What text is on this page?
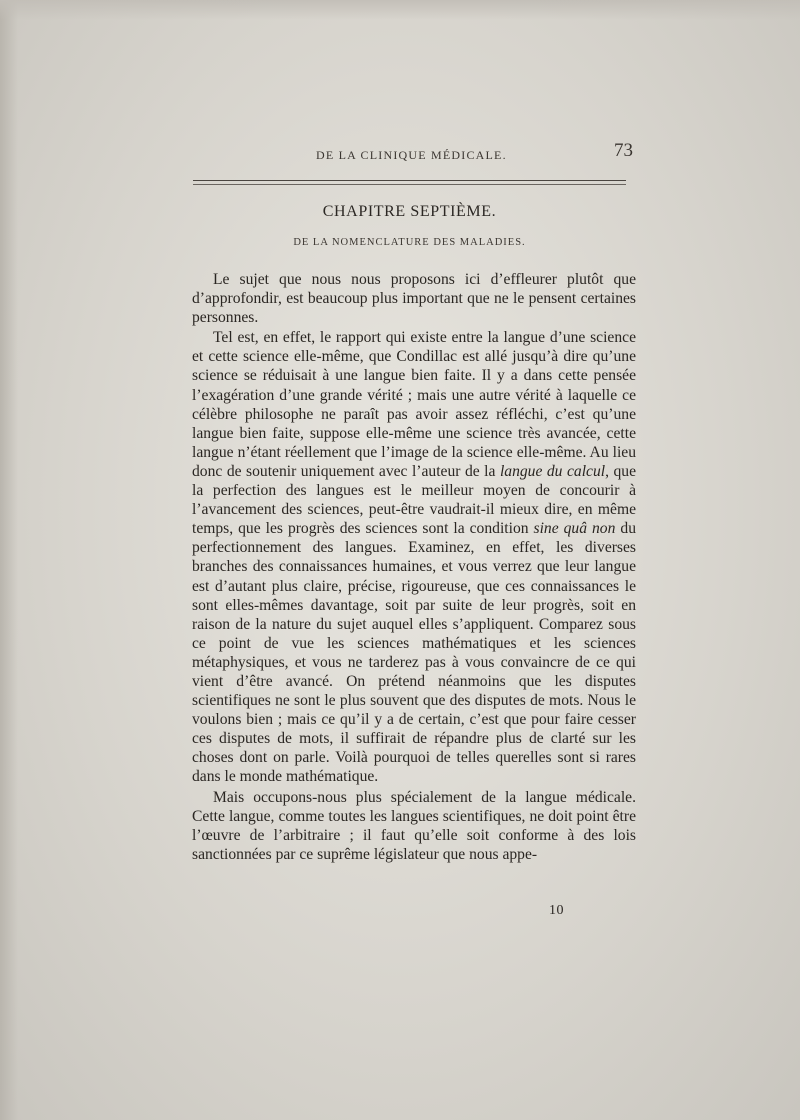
DE LA CLINIQUE MÉDICALE.	73
CHAPITRE SEPTIÈME.
DE LA NOMENCLATURE DES MALADIES.

Le sujet que nous nous proposons ici d’effleurer plutôt que d’approfondir, est beaucoup plus important que ne le pensent certaines personnes.

Tel est, en effet, le rapport qui existe entre la langue d’une science et cette science elle-même, que Condillac est allé jusqu’à dire qu’une science se réduisait à une langue bien faite. Il y a dans cette pensée l’exagération d’une grande vérité ; mais une autre vérité à laquelle ce célèbre philosophe ne paraît pas avoir assez réfléchi, c’est qu’une langue bien faite, suppose elle-même une science très avancée, cette langue n’étant réellement que l’image de la science elle-même. Au lieu donc de soutenir uniquement avec l’auteur de la langue du calcul, que la perfection des langues est le meilleur moyen de concourir à l’avancement des sciences, peut-être vaudrait-il mieux dire, en même temps, que les progrès des sciences sont la condition sine quâ non du perfectionnement des langues. Examinez, en effet, les diverses branches des connaissances humaines, et vous verrez que leur langue est d’autant plus claire, précise, rigoureuse, que ces connaissances le sont elles-mêmes davantage, soit par suite de leur progrès, soit en raison de la nature du sujet auquel elles s’appliquent. Comparez sous ce point de vue les sciences mathématiques et les sciences métaphysiques, et vous ne tarderez pas à vous convaincre de ce qui vient d’être avancé. On prétend néanmoins que les disputes scientifiques ne sont le plus souvent que des disputes de mots. Nous le voulons bien ; mais ce qu’il y a de certain, c’est que pour faire cesser ces disputes de mots, il suffirait de répandre plus de clarté sur les choses dont on parle. Voilà pourquoi de telles querelles sont si rares dans le monde mathématique.

Mais occupons-nous plus spécialement de la langue médicale. Cette langue, comme toutes les langues scientifiques, ne doit point être l’œuvre de l’arbitraire ; il faut qu’elle soit conforme à des lois sanctionnées par ce suprême législateur que nous appe-

10
